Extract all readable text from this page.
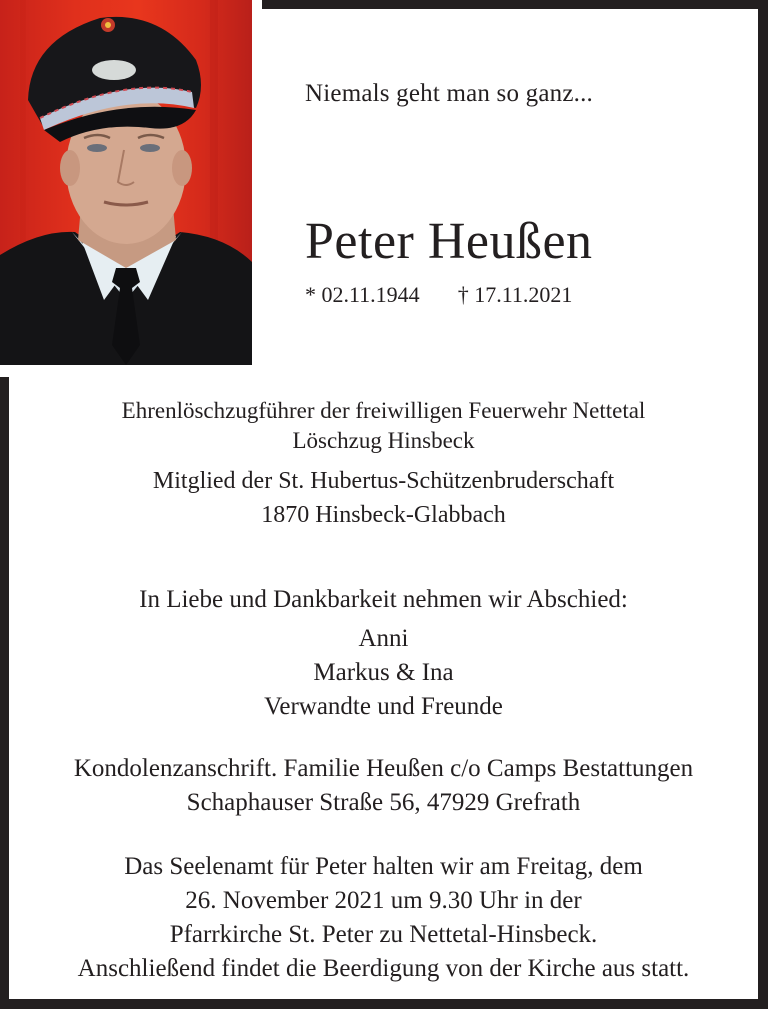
Niemals geht man so ganz...
Peter Heußen
* 02.11.1944 † 17.11.2021
Ehrenlöschzugführer der freiwilligen Feuerwehr Nettetal
Löschzug Hinsbeck
Mitglied der St. Hubertus-Schützenbruderschaft
1870 Hinsbeck-Glabbach
In Liebe und Dankbarkeit nehmen wir Abschied:
Anni
Markus & Ina
Verwandte und Freunde
Kondolenzanschrift. Familie Heußen c/o Camps Bestattungen
Schaphauser Straße 56, 47929 Grefrath
Das Seelenamt für Peter halten wir am Freitag, dem
26. November 2021 um 9.30 Uhr in der
Pfarrkirche St. Peter zu Nettetal-Hinsbeck.
Anschließend findet die Beerdigung von der Kirche aus statt.
